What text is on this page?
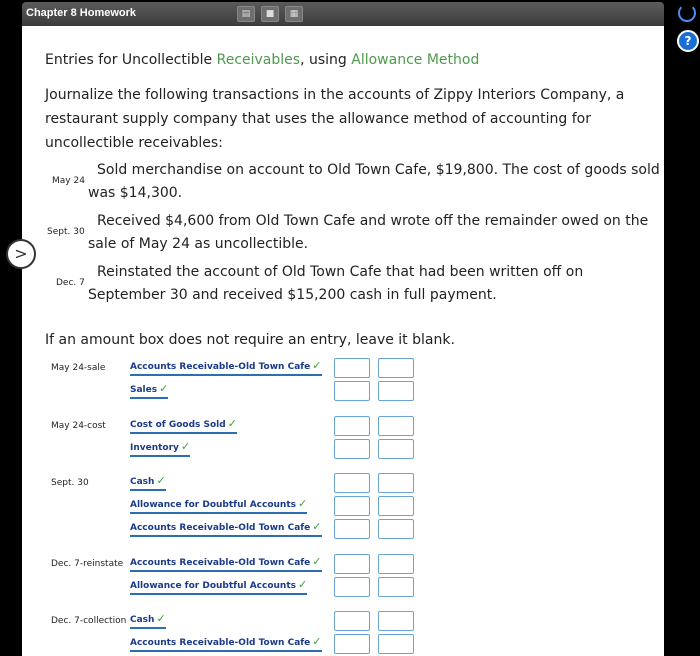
?
Chapter 8 Homework	▤	■	▦
>
Entries for Uncollectible Receivables, using Allowance Method
Journalize the following transactions in the accounts of Zippy Interiors Company, a restaurant supply company that uses the allowance method of accounting for uncollectible receivables:
May 24
Sold merchandise on account to Old Town Cafe, $19,800. The cost of goods sold
was $14,300.
Sept. 30
Received $4,600 from Old Town Cafe and wrote off the remainder owed on the
sale of May 24 as uncollectible.
Dec. 7
Reinstated the account of Old Town Cafe that had been written off on
September 30 and received $15,200 cash in full payment.
If an amount box does not require an entry, leave it blank.
May 24-sale	Accounts Receivable-Old Town Cafe ✓
Sales ✓
May 24-cost	Cost of Goods Sold ✓
Inventory ✓
Sept. 30	Cash ✓
Allowance for Doubtful Accounts ✓
Accounts Receivable-Old Town Cafe ✓
Dec. 7-reinstate Accounts Receivable-Old Town Cafe ✓
Allowance for Doubtful Accounts ✓
Dec. 7-collection Cash ✓
Accounts Receivable-Old Town Cafe ✓
